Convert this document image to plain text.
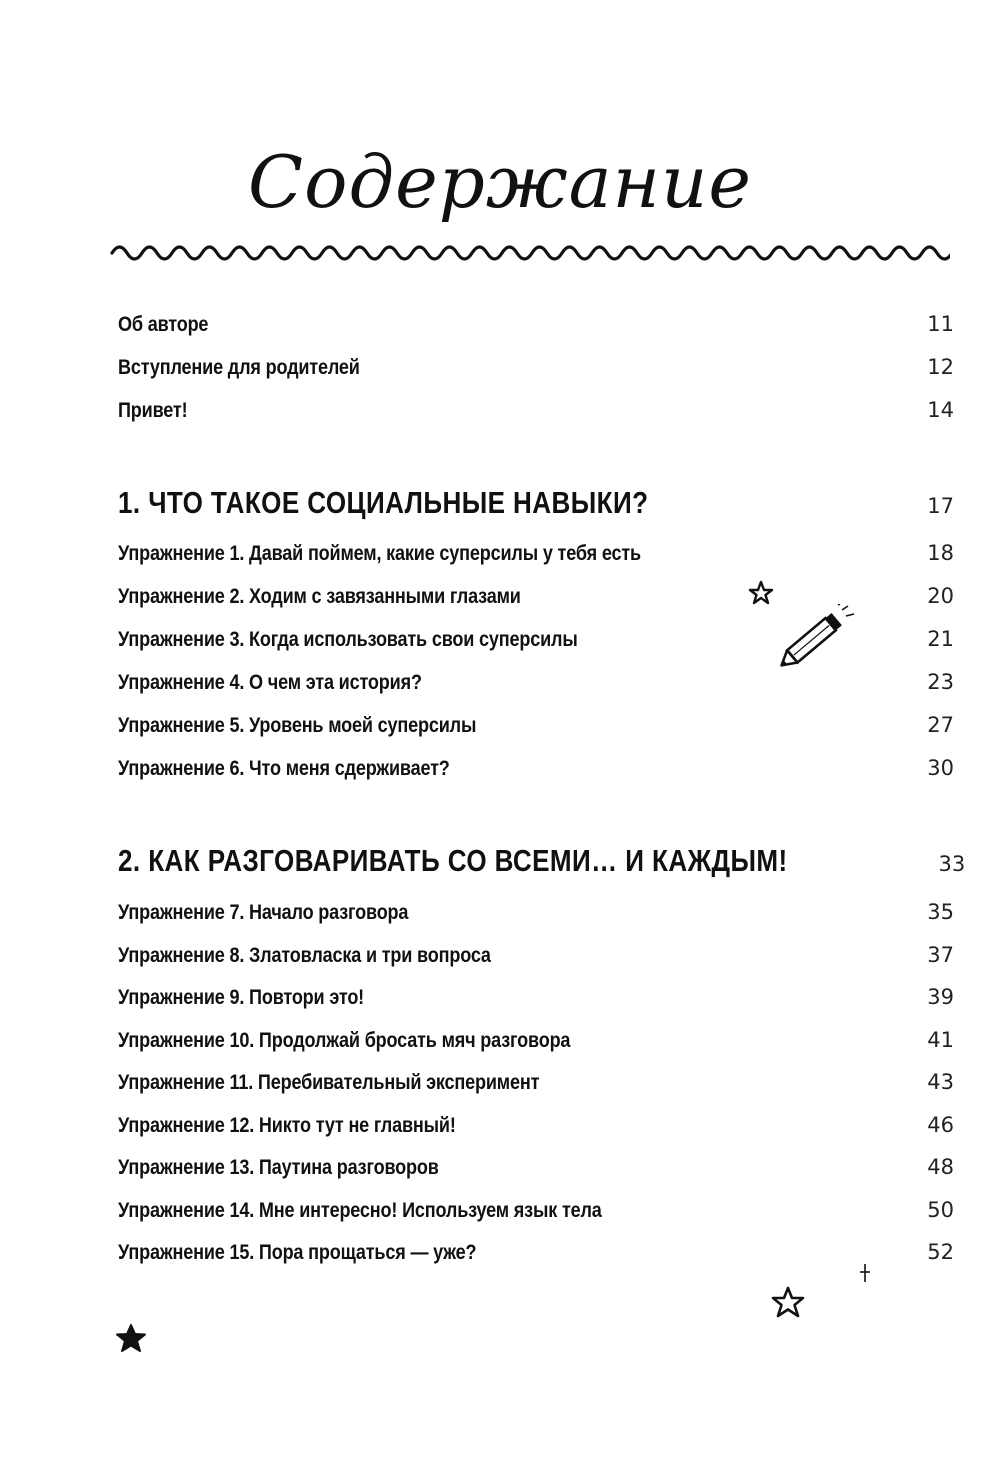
Содержание
Об авторе	11
Вступление для родителей	12
Привет!	14
1. ЧТО ТАКОЕ СОЦИАЛЬНЫЕ НАВЫКИ?	17
Упражнение 1. Давай поймем, какие суперсилы у тебя есть	18
Упражнение 2. Ходим с завязанными глазами	20
Упражнение 3. Когда использовать свои суперсилы	21
Упражнение 4. О чем эта история?	23
Упражнение 5. Уровень моей суперсилы	27
Упражнение 6. Что меня сдерживает?	30
2. КАК РАЗГОВАРИВАТЬ СО ВСЕМИ… И КАЖДЫМ!	33
Упражнение 7. Начало разговора	35
Упражнение 8. Златовласка и три вопроса	37
Упражнение 9. Повтори это!	39
Упражнение 10. Продолжай бросать мяч разговора	41
Упражнение 11. Перебивательный эксперимент	43
Упражнение 12. Никто тут не главный!	46
Упражнение 13. Паутина разговоров	48
Упражнение 14. Мне интересно! Используем язык тела	50
Упражнение 15. Пора прощаться — уже?	52
